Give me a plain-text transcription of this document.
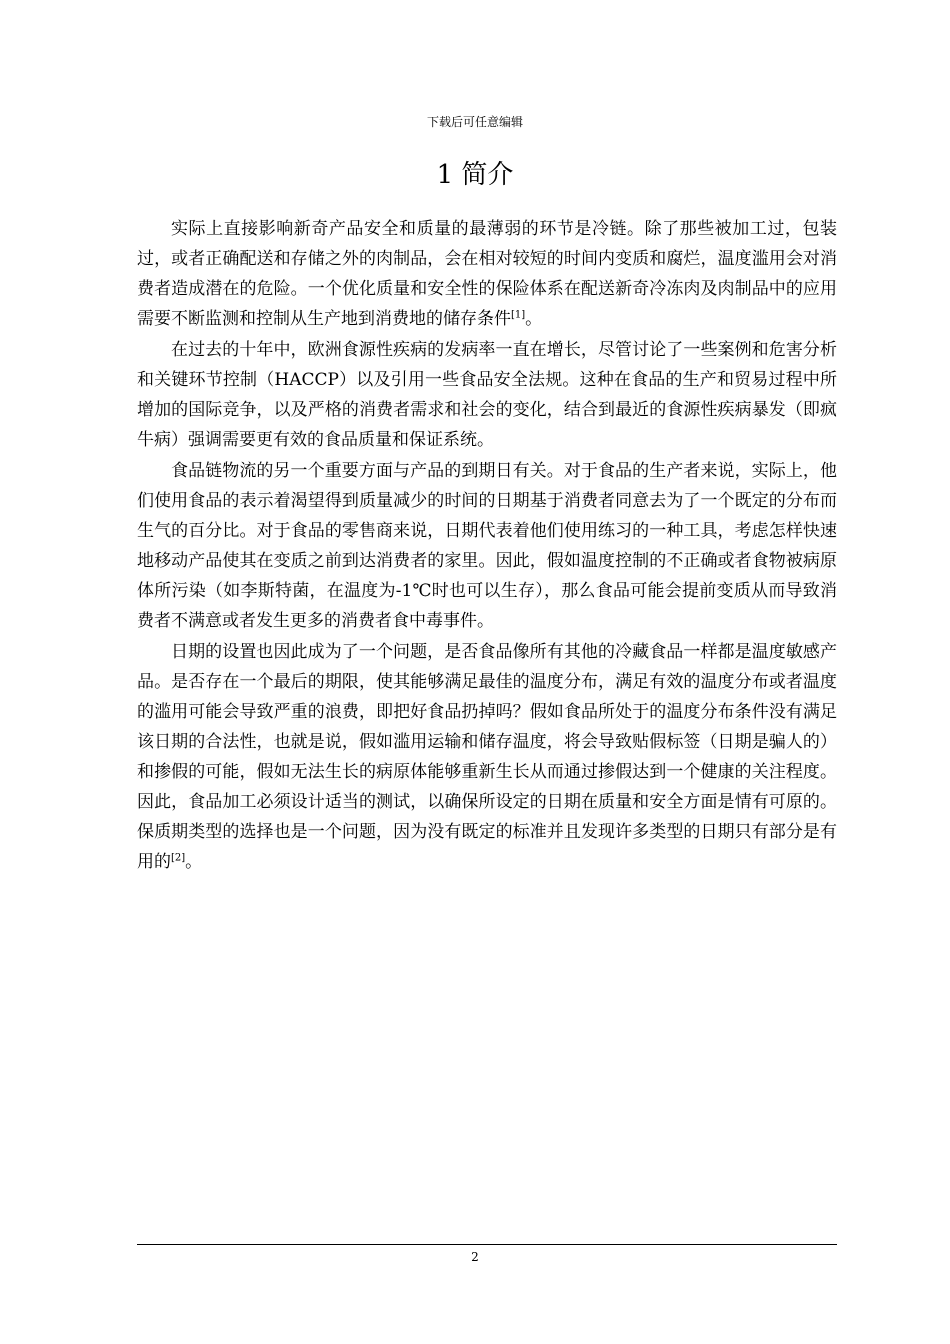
下载后可任意编辑
1 简介

实际上直接影响新奇产品安全和质量的最薄弱的环节是冷链。除了那些被加工过，包装过，或者正确配送和存储之外的肉制品，会在相对较短的时间内变质和腐烂，温度滥用会对消费者造成潜在的危险。一个优化质量和安全性的保险体系在配送新奇冷冻肉及肉制品中的应用需要不断监测和控制从生产地到消费地的储存条件[1]。

在过去的十年中，欧洲食源性疾病的发病率一直在增长，尽管讨论了一些案例和危害分析和关键环节控制（HACCP）以及引用一些食品安全法规。这种在食品的生产和贸易过程中所增加的国际竞争，以及严格的消费者需求和社会的变化，结合到最近的食源性疾病暴发（即疯牛病）强调需要更有效的食品质量和保证系统。

食品链物流的另一个重要方面与产品的到期日有关。对于食品的生产者来说，实际上，他们使用食品的表示着渴望得到质量减少的时间的日期基于消费者同意去为了一个既定的分布而生气的百分比。对于食品的零售商来说，日期代表着他们使用练习的一种工具，考虑怎样快速地移动产品使其在变质之前到达消费者的家里。因此，假如温度控制的不正确或者食物被病原体所污染（如李斯特菌，在温度为-1℃时也可以生存），那么食品可能会提前变质从而导致消费者不满意或者发生更多的消费者食中毒事件。

日期的设置也因此成为了一个问题，是否食品像所有其他的冷藏食品一样都是温度敏感产品。是否存在一个最后的期限，使其能够满足最佳的温度分布，满足有效的温度分布或者温度的滥用可能会导致严重的浪费，即把好食品扔掉吗？假如食品所处于的温度分布条件没有满足该日期的合法性，也就是说，假如滥用运输和储存温度，将会导致贴假标签（日期是骗人的）和掺假的可能，假如无法生长的病原体能够重新生长从而通过掺假达到一个健康的关注程度。因此，食品加工必须设计适当的测试，以确保所设定的日期在质量和安全方面是情有可原的。保质期类型的选择也是一个问题，因为没有既定的标准并且发现许多类型的日期只有部分是有用的[2]。

2
